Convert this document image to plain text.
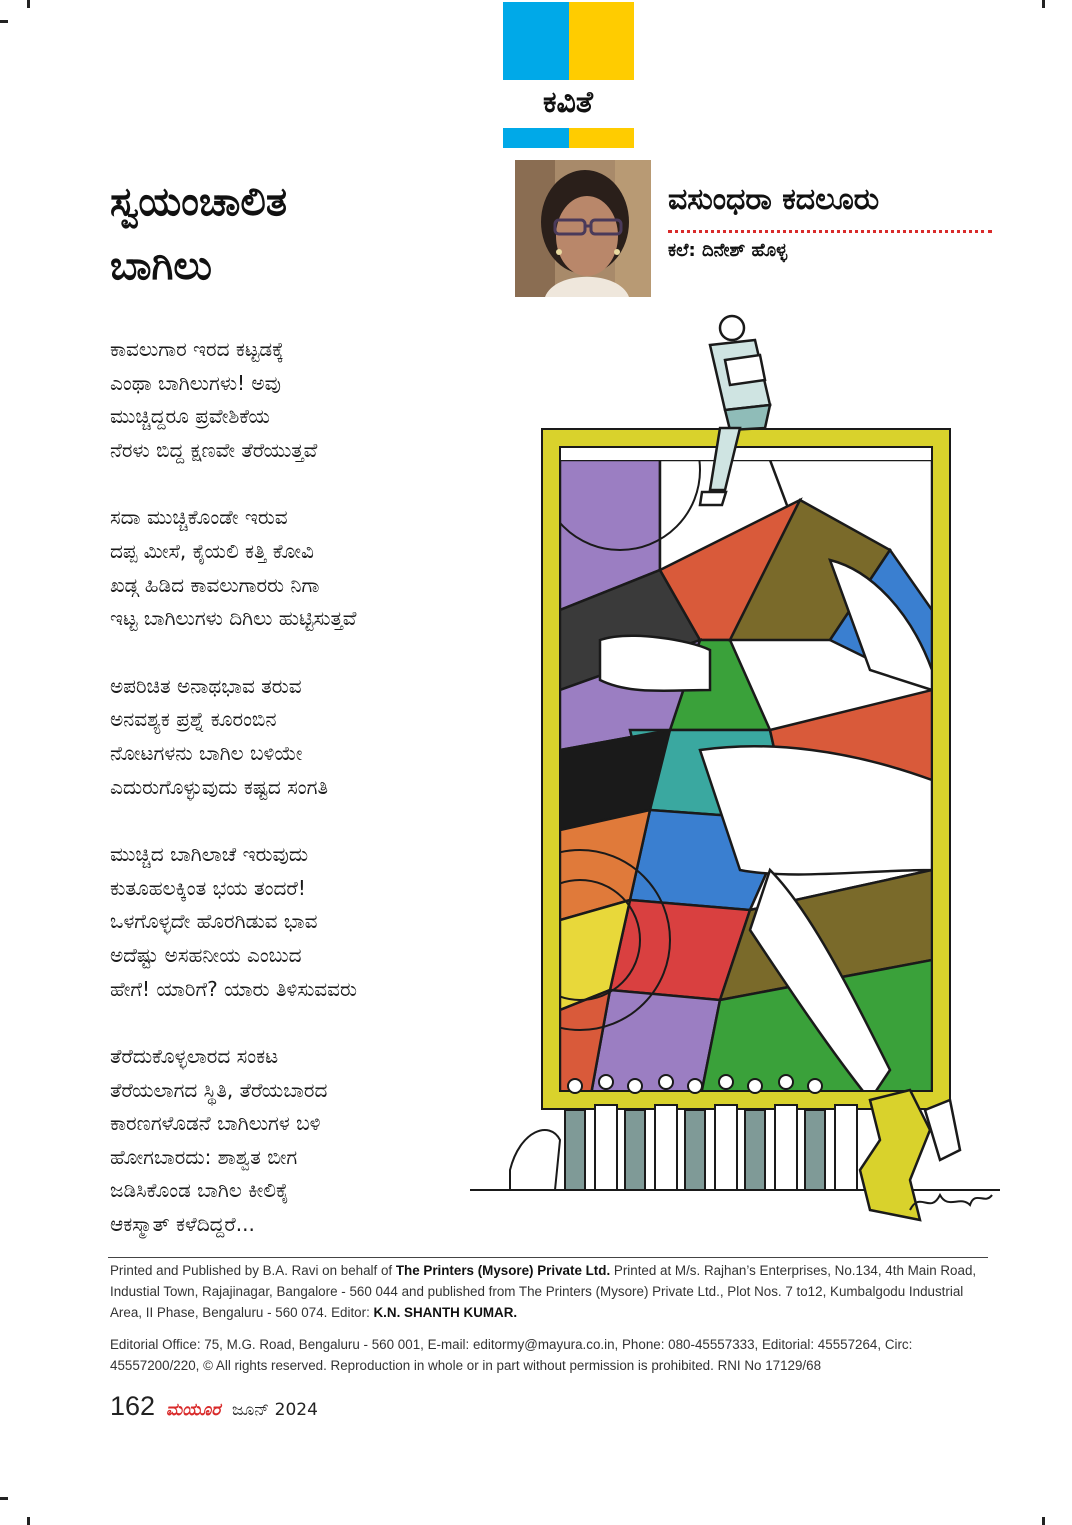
ಕವಿತೆ
ಸ್ವಯಂಚಾಲಿತ
ಬಾಗಿಲು
ವಸುಂಧರಾ ಕದಲೂರು
ಕಲೆ: ದಿನೇಶ್ ಹೊಳ್ಳ
ಕಾವಲುಗಾರ ಇರದ ಕಟ್ಟಡಕ್ಕೆ
ಎಂಥಾ ಬಾಗಿಲುಗಳು! ಅವು
ಮುಚ್ಚಿದ್ದರೂ ಪ್ರವೇಶಿಕೆಯ
ನೆರಳು ಬಿದ್ದ ಕ್ಷಣವೇ ತೆರೆಯುತ್ತವೆ
ಸದಾ ಮುಚ್ಚಿಕೊಂಡೇ ಇರುವ
ದಪ್ಪ ಮೀಸೆ, ಕೈಯಲಿ ಕತ್ತಿ ಕೋವಿ
ಖಡ್ಗ ಹಿಡಿದ ಕಾವಲುಗಾರರು ನಿಗಾ
ಇಟ್ಟ ಬಾಗಿಲುಗಳು ದಿಗಿಲು ಹುಟ್ಟಿಸುತ್ತವೆ
ಅಪರಿಚಿತ ಅನಾಥಭಾವ ತರುವ
ಅನವಶ್ಯಕ ಪ್ರಶ್ನೆ ಕೂರಂಬಿನ
ನೋಟಗಳನು ಬಾಗಿಲ ಬಳಿಯೇ
ಎದುರುಗೊಳ್ಳುವುದು ಕಷ್ಟದ ಸಂಗತಿ
ಮುಚ್ಚಿದ ಬಾಗಿಲಾಚೆ ಇರುವುದು
ಕುತೂಹಲಕ್ಕಿಂತ ಭಯ ತಂದರೆ!
ಒಳಗೊಳ್ಳದೇ ಹೊರಗಿಡುವ ಭಾವ
ಅದೆಷ್ಟು ಅಸಹನೀಯ ಎಂಬುದ
ಹೇಗೆ! ಯಾರಿಗೆ? ಯಾರು ತಿಳಿಸುವವರು
ತೆರೆದುಕೊಳ್ಳಲಾರದ ಸಂಕಟ
ತೆರೆಯಲಾಗದ ಸ್ಥಿತಿ, ತೆರೆಯಬಾರದ
ಕಾರಣಗಳೊಡನೆ ಬಾಗಿಲುಗಳ ಬಳಿ
ಹೋಗಬಾರದು: ಶಾಶ್ವತ ಬೀಗ
ಜಡಿಸಿಕೊಂಡ ಬಾಗಿಲ ಕೀಲಿಕೈ
ಆಕಸ್ಮಾತ್ ಕಳೆದಿದ್ದರೆ...
Printed and Published by B.A. Ravi on behalf of The Printers (Mysore) Private Ltd. Printed at M/s. Rajhan’s Enterprises, No.134, 4th Main Road, Industial Town, Rajajinagar, Bangalore - 560 044 and published from The Printers (Mysore) Private Ltd., Plot Nos. 7 to12, Kumbalgodu Industrial Area, II Phase, Bengaluru - 560 074. Editor: K.N. SHANTH KUMAR.
Editorial Office: 75, M.G. Road, Bengaluru - 560 001, E-mail: editormy@mayura.co.in, Phone: 080-45557333, Editorial: 45557264, Circ: 45557200/220, © All rights reserved. Reproduction in whole or in part without permission is prohibited. RNI No 17129/68
162 ಮಯೂರ ಜೂನ್ 2024
